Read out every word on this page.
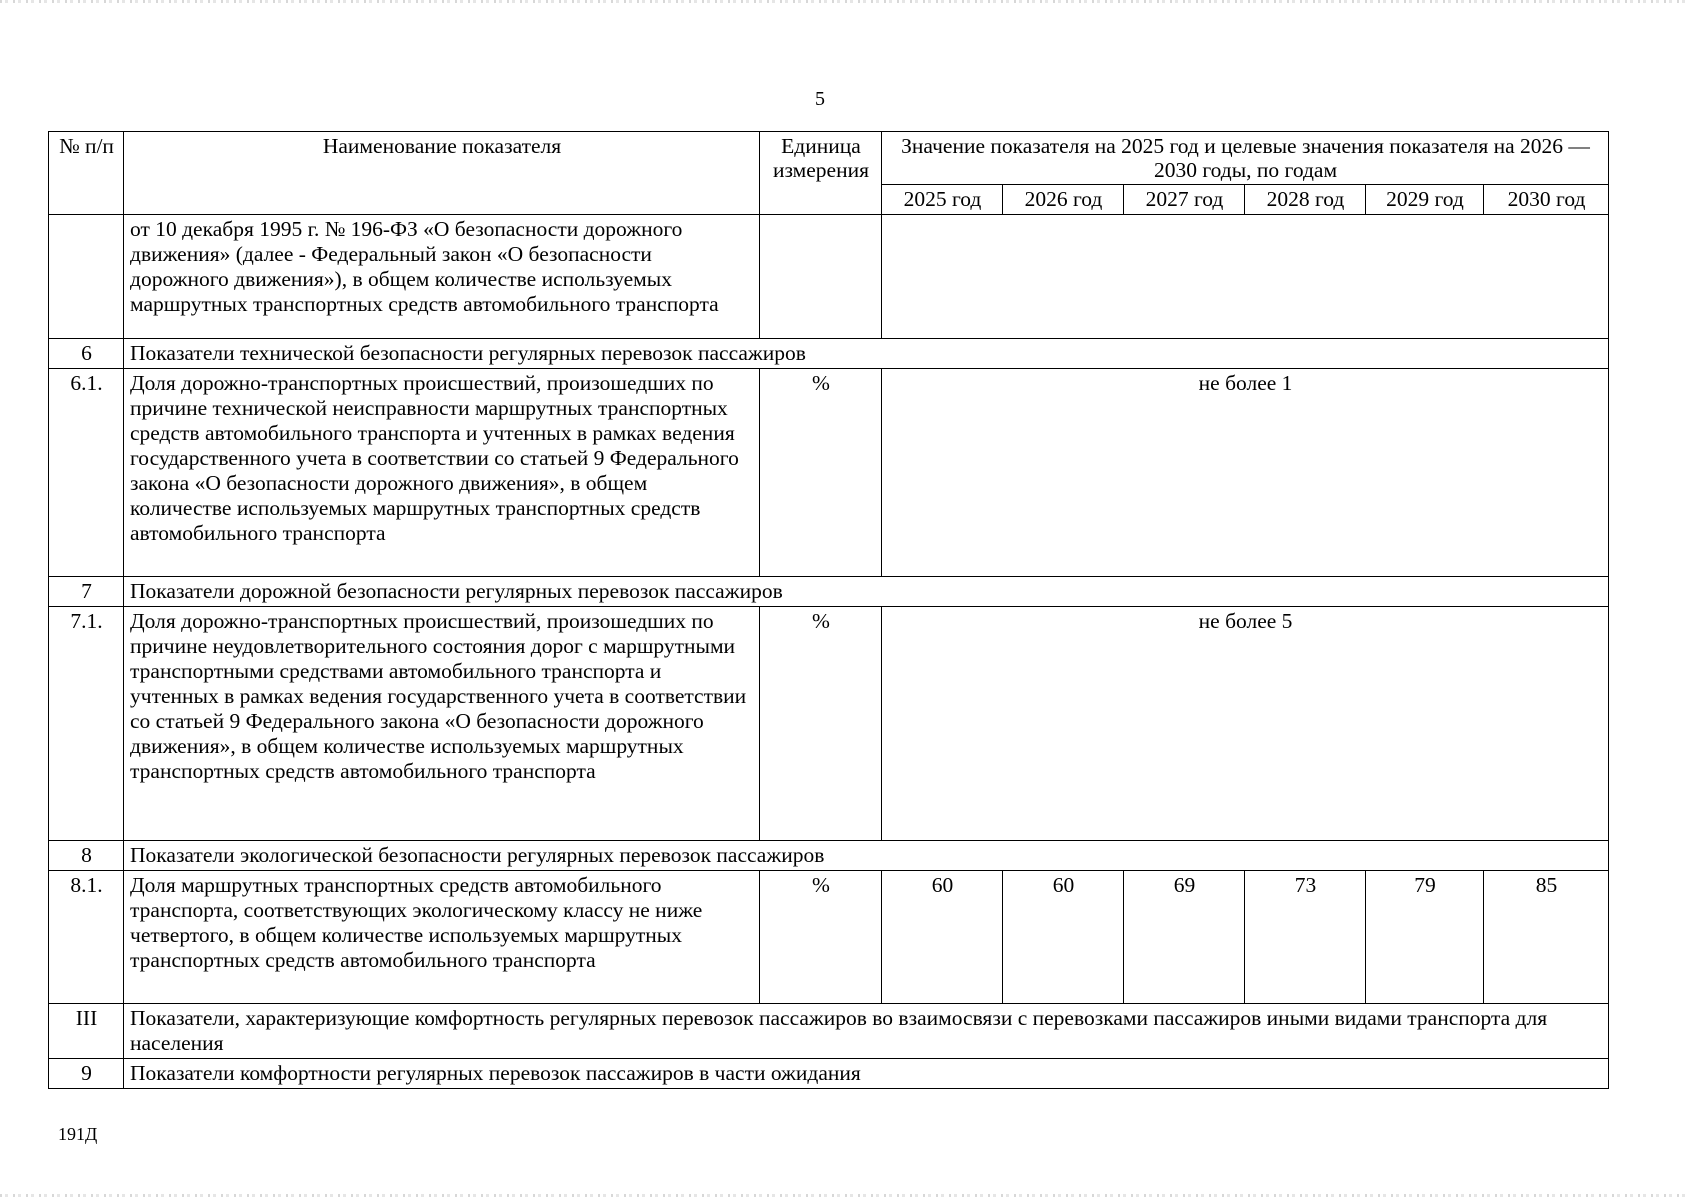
5
№ п/п	Наименование показателя	Единица измерения	Значение показателя на 2025 год и целевые значения показателя на 2026 — 2030 годы, по годам					
			2025 год	2026 год	2027 год	2028 год	2029 год	2030 год
	от 10 декабря 1995 г. № 196-ФЗ «О безопасности дорожного движения» (далее - Федеральный закон «О безопасности дорожного движения»), в общем количестве используемых маршрутных транспортных средств автомобильного транспорта							
6	Показатели технической безопасности регулярных перевозок пассажиров							
6.1.	Доля дорожно-транспортных происшествий, произошедших по причине технической неисправности маршрутных транспортных средств автомобильного транспорта и учтенных в рамках ведения государственного учета в соответствии со статьей 9 Федерального закона «О безопасности дорожного движения», в общем количестве используемых маршрутных транспортных средств автомобильного транспорта	%	не более 1					
7	Показатели дорожной безопасности регулярных перевозок пассажиров							
7.1.	Доля дорожно-транспортных происшествий, произошедших по причине неудовлетворительного состояния дорог с маршрутными транспортными средствами автомобильного транспорта и учтенных в рамках ведения государственного учета в соответствии со статьей 9 Федерального закона «О безопасности дорожного движения», в общем количестве используемых маршрутных транспортных средств автомобильного транспорта	%	не более 5					
8	Показатели экологической безопасности регулярных перевозок пассажиров							
8.1.	Доля маршрутных транспортных средств автомобильного транспорта, соответствующих экологическому классу не ниже четвертого, в общем количестве используемых маршрутных транспортных средств автомобильного транспорта	%	60	60	69	73	79	85
III	Показатели, характеризующие комфортность регулярных перевозок пассажиров во взаимосвязи с перевозками пассажиров иными видами транспорта для населения							
9	Показатели комфортности регулярных перевозок пассажиров в части ожидания							
191Д
